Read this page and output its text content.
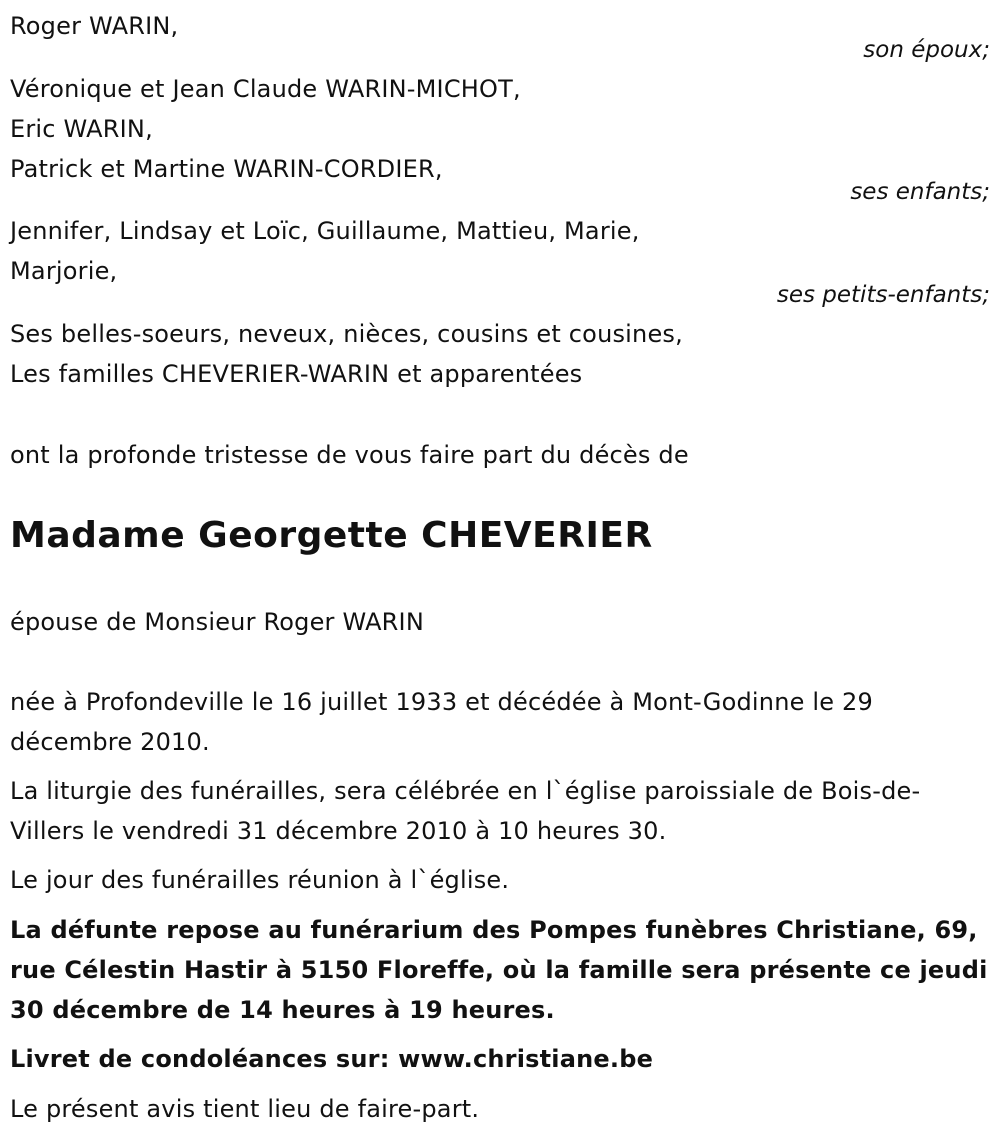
Roger WARIN,
son époux;
Véronique et Jean Claude WARIN-MICHOT,
Eric WARIN,
Patrick et Martine WARIN-CORDIER,
ses enfants;
Jennifer, Lindsay et Loïc, Guillaume, Mattieu, Marie,
Marjorie,
ses petits-enfants;
Ses belles-soeurs, neveux, nièces, cousins et cousines,
Les familles CHEVERIER-WARIN et apparentées
ont la profonde tristesse de vous faire part du décès de
Madame Georgette CHEVERIER
épouse de Monsieur Roger WARIN
née à Profondeville le 16 juillet 1933 et décédée à Mont-Godinne le 29
décembre 2010.
La liturgie des funérailles, sera célébrée en l`église paroissiale de Bois-de-
Villers le vendredi 31 décembre 2010 à 10 heures 30.
Le jour des funérailles réunion à l`église.
La défunte repose au funérarium des Pompes funèbres Christiane, 69,
rue Célestin Hastir à 5150 Floreffe, où la famille sera présente ce jeudi
30 décembre de 14 heures à 19 heures.
Livret de condoléances sur: www.christiane.be
Le présent avis tient lieu de faire-part.
